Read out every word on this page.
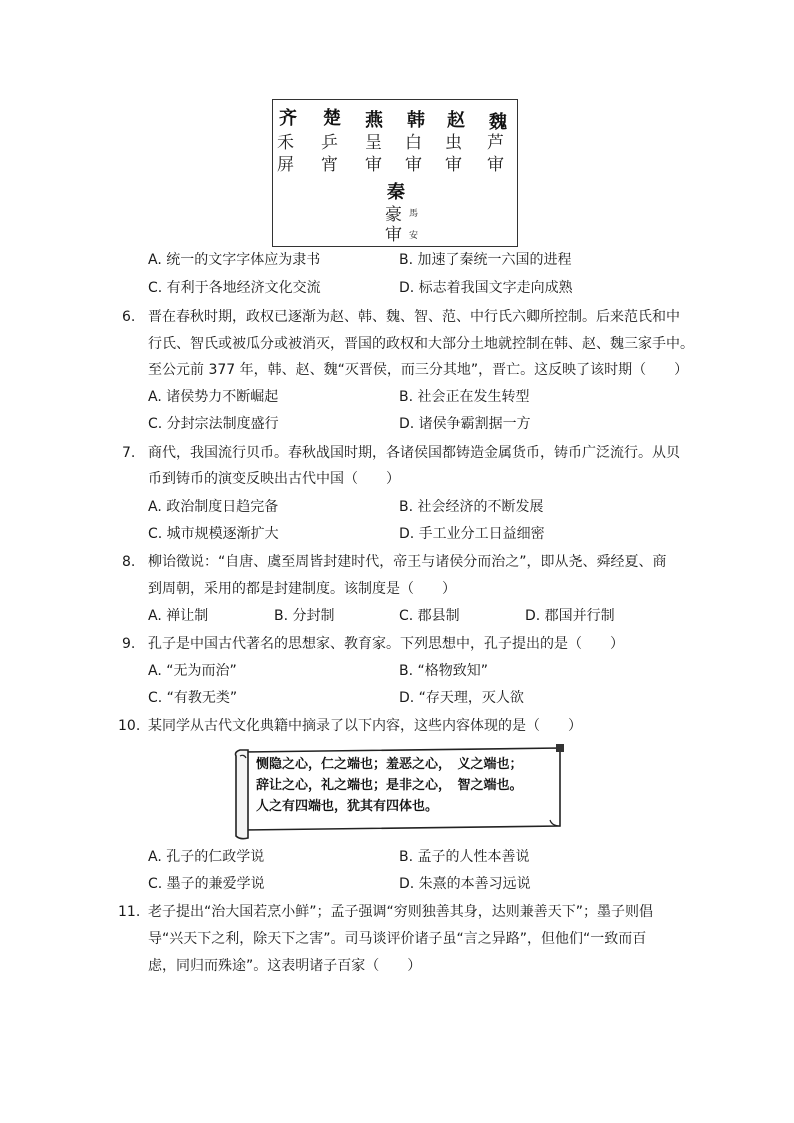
齐 楚 燕 韩 赵 魏
禾 乒 呈 白 虫 芦
屏 宵 审 审 审 审
秦
豪 馬
审 安
A. 统一的文字字体应为隶书	B. 加速了秦统一六国的进程
C. 有利于各地经济文化交流	D. 标志着我国文字走向成熟
6. 晋在春秋时期，政权已逐渐为赵、韩、魏、智、范、中行氏六卿所控制。后来范氏和中
行氏、智氏或被瓜分或被消灭，晋国的政权和大部分土地就控制在韩、赵、魏三家手中。
至公元前 377 年，韩、赵、魏“灭晋侯，而三分其地”，晋亡。这反映了该时期（　　）
A. 诸侯势力不断崛起	B. 社会正在发生转型
C. 分封宗法制度盛行	D. 诸侯争霸割据一方
7. 商代，我国流行贝币。春秋战国时期，各诸侯国都铸造金属货币，铸币广泛流行。从贝
币到铸币的演变反映出古代中国（　　）
A. 政治制度日趋完备	B. 社会经济的不断发展
C. 城市规模逐渐扩大	D. 手工业分工日益细密
8. 柳诒徵说：“自唐、虞至周皆封建时代，帝王与诸侯分而治之”，即从尧、舜经夏、商
到周朝，采用的都是封建制度。该制度是（　　）
A. 禅让制	B. 分封制	C. 郡县制	D. 郡国并行制
9. 孔子是中国古代著名的思想家、教育家。下列思想中，孔子提出的是（　　）
A. “无为而治”	B. “格物致知”
C. “有教无类”	D. “存天理，灭人欲
10. 某同学从古代文化典籍中摘录了以下内容，这些内容体现的是（　　）
恻隐之心，仁之端也；羞恶之心，　义之端也；
辞让之心，礼之端也；是非之心，　智之端也。
人之有四端也，犹其有四体也。
A. 孔子的仁政学说	B. 孟子的人性本善说
C. 墨子的兼爱学说	D. 朱熹的本善习远说
11. 老子提出“治大国若烹小鲜”；孟子强调“穷则独善其身，达则兼善天下”；墨子则倡
导“兴天下之利，除天下之害”。司马谈评价诸子虽“言之异路”，但他们“一致而百
虑，同归而殊途”。这表明诸子百家（　　）
